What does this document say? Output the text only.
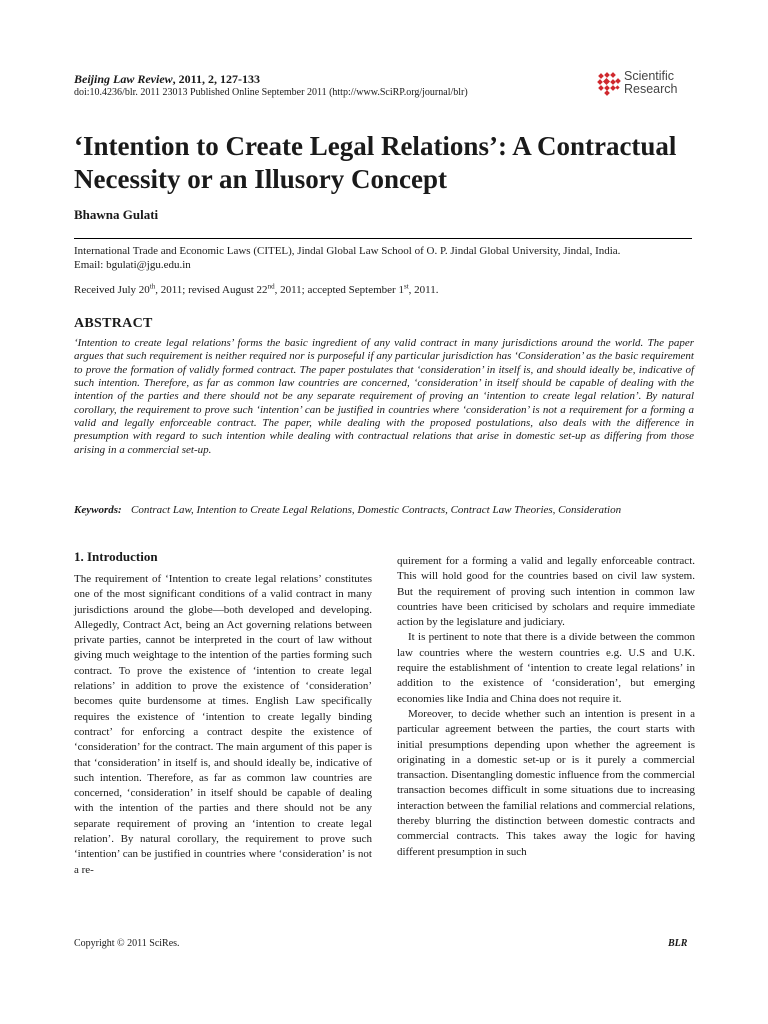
Beijing Law Review, 2011, 2, 127-133
doi:10.4236/blr. 2011 23013 Published Online September 2011 (http://www.SciRP.org/journal/blr)
Scientific
Research
‘Intention to Create Legal Relations’: A Contractual Necessity or an Illusory Concept
Bhawna Gulati
International Trade and Economic Laws (CITEL), Jindal Global Law School of O. P. Jindal Global University, Jindal, India.
Email: bgulati@jgu.edu.in
Received July 20th, 2011; revised August 22nd, 2011; accepted September 1st, 2011.
ABSTRACT

‘Intention to create legal relations’ forms the basic ingredient of any valid contract in many jurisdictions around the world. The paper argues that such requirement is neither required nor is purposeful if any particular jurisdiction has ‘Consideration’ as the basic requirement to prove the formation of validly formed contract. The paper postulates that ‘consideration’ in itself is, and should ideally be, indicative of such intention. Therefore, as far as common law countries are concerned, ‘consideration’ in itself should be capable of dealing with the intention of the parties and there should not be any separate requirement of proving an ‘intention to create legal relation’. By natural corollary, the requirement to prove such ‘intention’ can be justified in countries where ‘consideration’ is not a requirement for a forming a valid and legally enforceable contract. The paper, while dealing with the proposed postulations, also deals with the difference in presumption with regard to such intention while dealing with contractual relations that arise in domestic set-up as differing from those arising in a commercial set-up.

Keywords: Contract Law, Intention to Create Legal Relations, Domestic Contracts, Contract Law Theories, Consideration
1. Introduction

The requirement of ‘Intention to create legal relations’ constitutes one of the most significant conditions of a valid contract in many jurisdictions around the globe—both developed and developing. Allegedly, Contract Act, being an Act governing relations between private parties, cannot be interpreted in the court of law without giving much weightage to the intention of the parties forming such contract. To prove the existence of ‘intention to create legal relations’ in addition to prove the existence of ‘consideration’ becomes quite burdensome at times. English Law specifically requires the existence of ‘intention to create legally binding contract’ for enforcing a contract despite the existence of ‘consideration’ for the contract. The main argument of this paper is that ‘consideration’ in itself is, and should ideally be, indicative of such intention. Therefore, as far as common law countries are concerned, ‘consideration’ in itself should be capable of dealing with the intention of the parties and there should not be any separate requirement of proving an ‘intention to create legal relation’. By natural corollary, the requirement to prove such ‘intention’ can be justified in countries where ‘consideration’ is not a re-

quirement for a forming a valid and legally enforceable contract. This will hold good for the countries based on civil law system. But the requirement of proving such intention in common law countries have been criticised by scholars and require immediate action by the legislature and judiciary.

It is pertinent to note that there is a divide between the common law countries where the western countries e.g. U.S and U.K. require the establishment of ‘intention to create legal relations’ in addition to the existence of ‘consideration’, but emerging economies like India and China does not require it.

Moreover, to decide whether such an intention is present in a particular agreement between the parties, the court starts with initial presumptions depending upon whether the agreement is originating in a domestic set-up or is it purely a commercial transaction. Disentangling domestic influence from the commercial transaction becomes difficult in some situations due to increasing interaction between the familial relations and commercial relations, thereby blurring the distinction between domestic contracts and commercial contracts. This takes away the logic for having different presumption in such

Copyright © 2011 SciRes.	BLR
